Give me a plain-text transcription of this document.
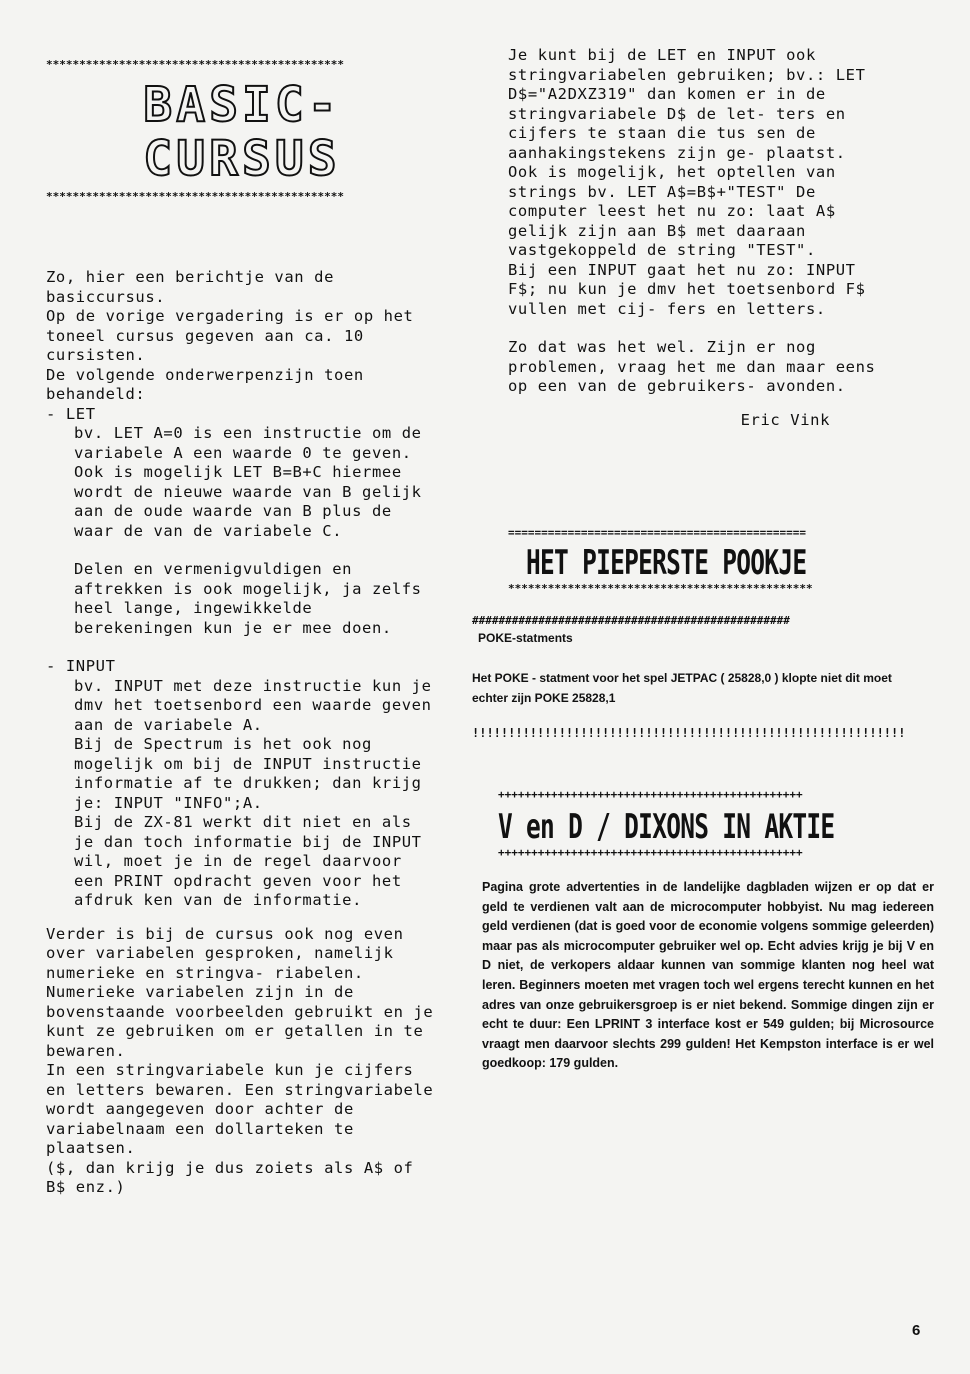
*********************************************
BASIC-CURSUS
*********************************************

Zo, hier een berichtje van de basiccursus.

Op de vorige vergadering is er op het toneel cursus gegeven aan ca. 10 cursisten.

De volgende onderwerpenzijn toen behandeld:

- LET

bv. LET A=0 is een instructie om de variabele A een waarde 0 te geven. Ook is mogelijk LET B=B+C hiermee wordt de nieuwe waarde van B gelijk aan de oude waarde van B plus de waar de van de variabele C.

Delen en vermenigvuldigen en aftrekken is ook mogelijk, ja zelfs heel lange, ingewikkelde berekeningen kun je er mee doen.

- INPUT

bv. INPUT met deze instructie kun je dmv het toetsenbord een waarde geven aan de variabele A.

Bij de Spectrum is het ook nog mogelijk om bij de INPUT instructie informatie af te drukken; dan krijg je: INPUT "INFO";A.

Bij de ZX-81 werkt dit niet en als je dan toch informatie bij de INPUT wil, moet je in de regel daarvoor een PRINT opdracht geven voor het afdruk ken van de informatie.

Verder is bij de cursus ook nog even over variabelen gesproken, namelijk numerieke en stringva- riabelen.

Numerieke variabelen zijn in de bovenstaande voorbeelden gebruikt en je kunt ze gebruiken om er getallen in te bewaren.

In een stringvariabele kun je cijfers en letters bewaren. Een stringvariabele wordt aangegeven door achter de variabelnaam een dollarteken te plaatsen.

($, dan krijg je dus zoiets als A$ of B$ enz.)

Je kunt bij de LET en INPUT ook stringvariabelen gebruiken; bv.: LET D$="A2DXZ319" dan komen er in de stringvariabele D$ de let- ters en cijfers te staan die tus sen de aanhakingstekens zijn ge- plaatst.

Ook is mogelijk, het optellen van strings bv. LET A$=B$+"TEST" De computer leest het nu zo: laat A$ gelijk zijn aan B$ met daaraan vastgekoppeld de string "TEST".

Bij een INPUT gaat het nu zo: INPUT F$; nu kun je dmv het toetsenbord F$ vullen met cij- fers en letters.

Zo dat was het wel. Zijn er nog problemen, vraag het me dan maar eens op een van de gebruikers- avonden.

Eric Vink

=============================================
HET PIEPERSTE POOKJE
**********************************************
################################################
POKE-statments
Het POKE - statment voor het spel JETPAC ( 25828,0 ) klopte niet dit moet echter zijn POKE 25828,1
!!!!!!!!!!!!!!!!!!!!!!!!!!!!!!!!!!!!!!!!!!!!!!!!!!!!!!!!!!!!
++++++++++++++++++++++++++++++++++++++++++++++
V en D / DIXONS IN AKTIE
++++++++++++++++++++++++++++++++++++++++++++++
Pagina grote advertenties in de landelijke dagbladen wijzen er op dat er geld te verdienen valt aan de microcomputer hobbyist. Nu mag iedereen geld verdienen (dat is goed voor de economie volgens sommige geleerden) maar pas als microcomputer gebruiker wel op. Echt advies krijg je bij V en D niet, de verkopers aldaar kunnen van sommige klanten nog heel wat leren. Beginners moeten met vragen toch wel ergens terecht kunnen en het adres van onze gebruikersgroep is er niet bekend. Sommige dingen zijn er echt te duur: Een LPRINT 3 interface kost er 549 gulden; bij Microsource vraagt men daarvoor slechts 299 gulden! Het Kempston interface is er wel goedkoop: 179 gulden.
6
